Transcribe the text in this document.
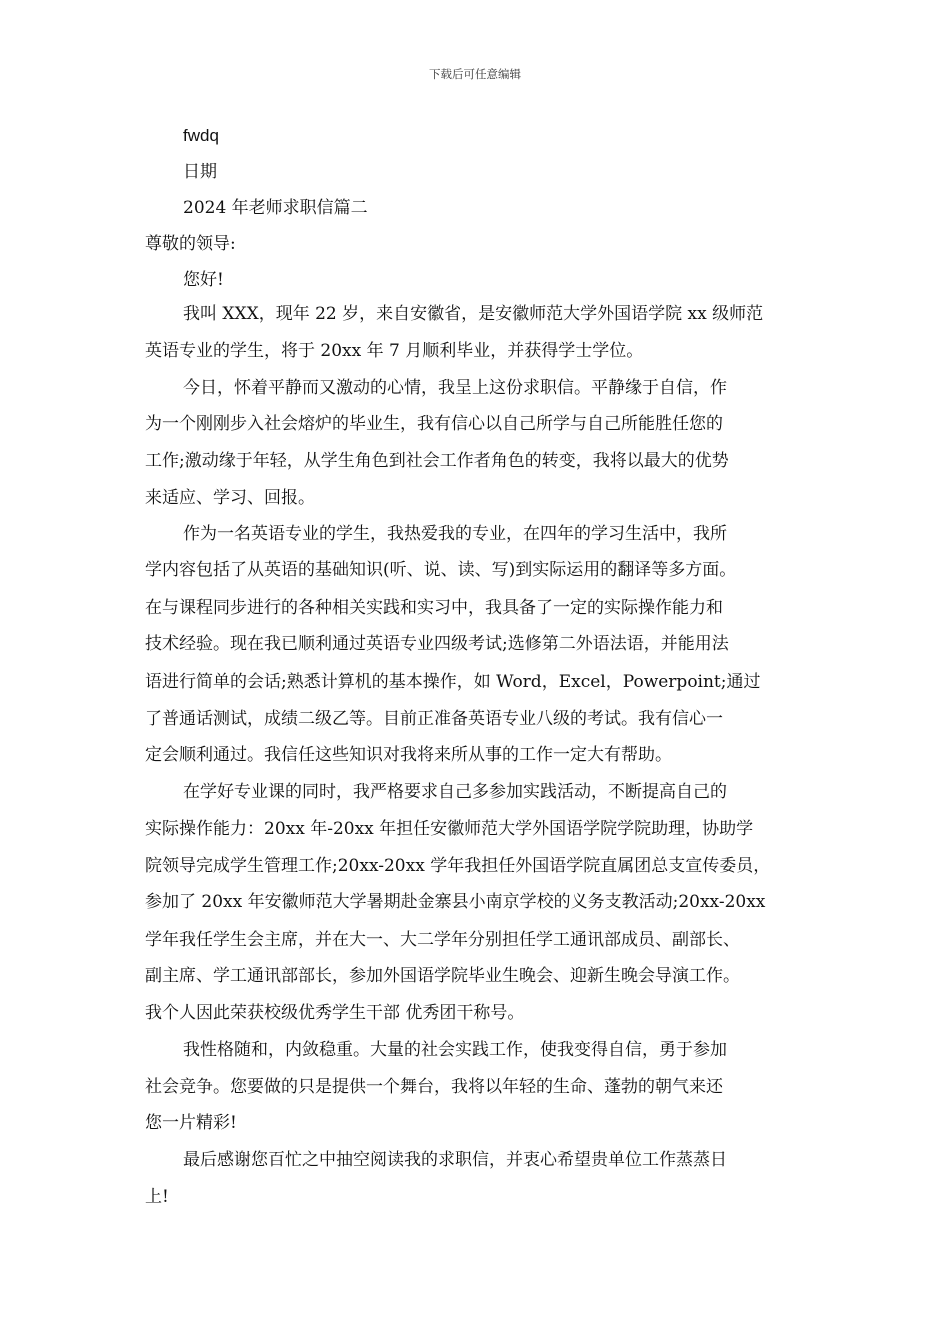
下载后可任意编辑
fwdq
日期
2024 年老师求职信篇二
尊敬的领导:
您好!
我叫 XXX，现年 22 岁，来自安徽省，是安徽师范大学外国语学院 xx 级师范
英语专业的学生，将于 20xx 年 7 月顺利毕业，并获得学士学位。
今日，怀着平静而又激动的心情，我呈上这份求职信。平静缘于自信，作
为一个刚刚步入社会熔炉的毕业生，我有信心以自己所学与自己所能胜任您的
工作;激动缘于年轻，从学生角色到社会工作者角色的转变，我将以最大的优势
来适应、学习、回报。
作为一名英语专业的学生，我热爱我的专业，在四年的学习生活中，我所
学内容包括了从英语的基础知识(听、说、读、写)到实际运用的翻译等多方面。
在与课程同步进行的各种相关实践和实习中，我具备了一定的实际操作能力和
技术经验。现在我已顺利通过英语专业四级考试;选修第二外语法语，并能用法
语进行简单的会话;熟悉计算机的基本操作，如 Word，Excel，Powerpoint;通过
了普通话测试，成绩二级乙等。目前正准备英语专业八级的考试。我有信心一
定会顺利通过。我信任这些知识对我将来所从事的工作一定大有帮助。
在学好专业课的同时，我严格要求自己多参加实践活动，不断提高自己的
实际操作能力：20xx 年-20xx 年担任安徽师范大学外国语学院学院助理，协助学
院领导完成学生管理工作;20xx-20xx 学年我担任外国语学院直属团总支宣传委员，
参加了 20xx 年安徽师范大学暑期赴金寨县小南京学校的义务支教活动;20xx-20xx
学年我任学生会主席，并在大一、大二学年分别担任学工通讯部成员、副部长、
副主席、学工通讯部部长，参加外国语学院毕业生晚会、迎新生晚会导演工作。
我个人因此荣获校级优秀学生干部 优秀团干称号。
我性格随和，内敛稳重。大量的社会实践工作，使我变得自信，勇于参加
社会竞争。您要做的只是提供一个舞台，我将以年轻的生命、蓬勃的朝气来还
您一片精彩!
最后感谢您百忙之中抽空阅读我的求职信，并衷心希望贵单位工作蒸蒸日
上!
